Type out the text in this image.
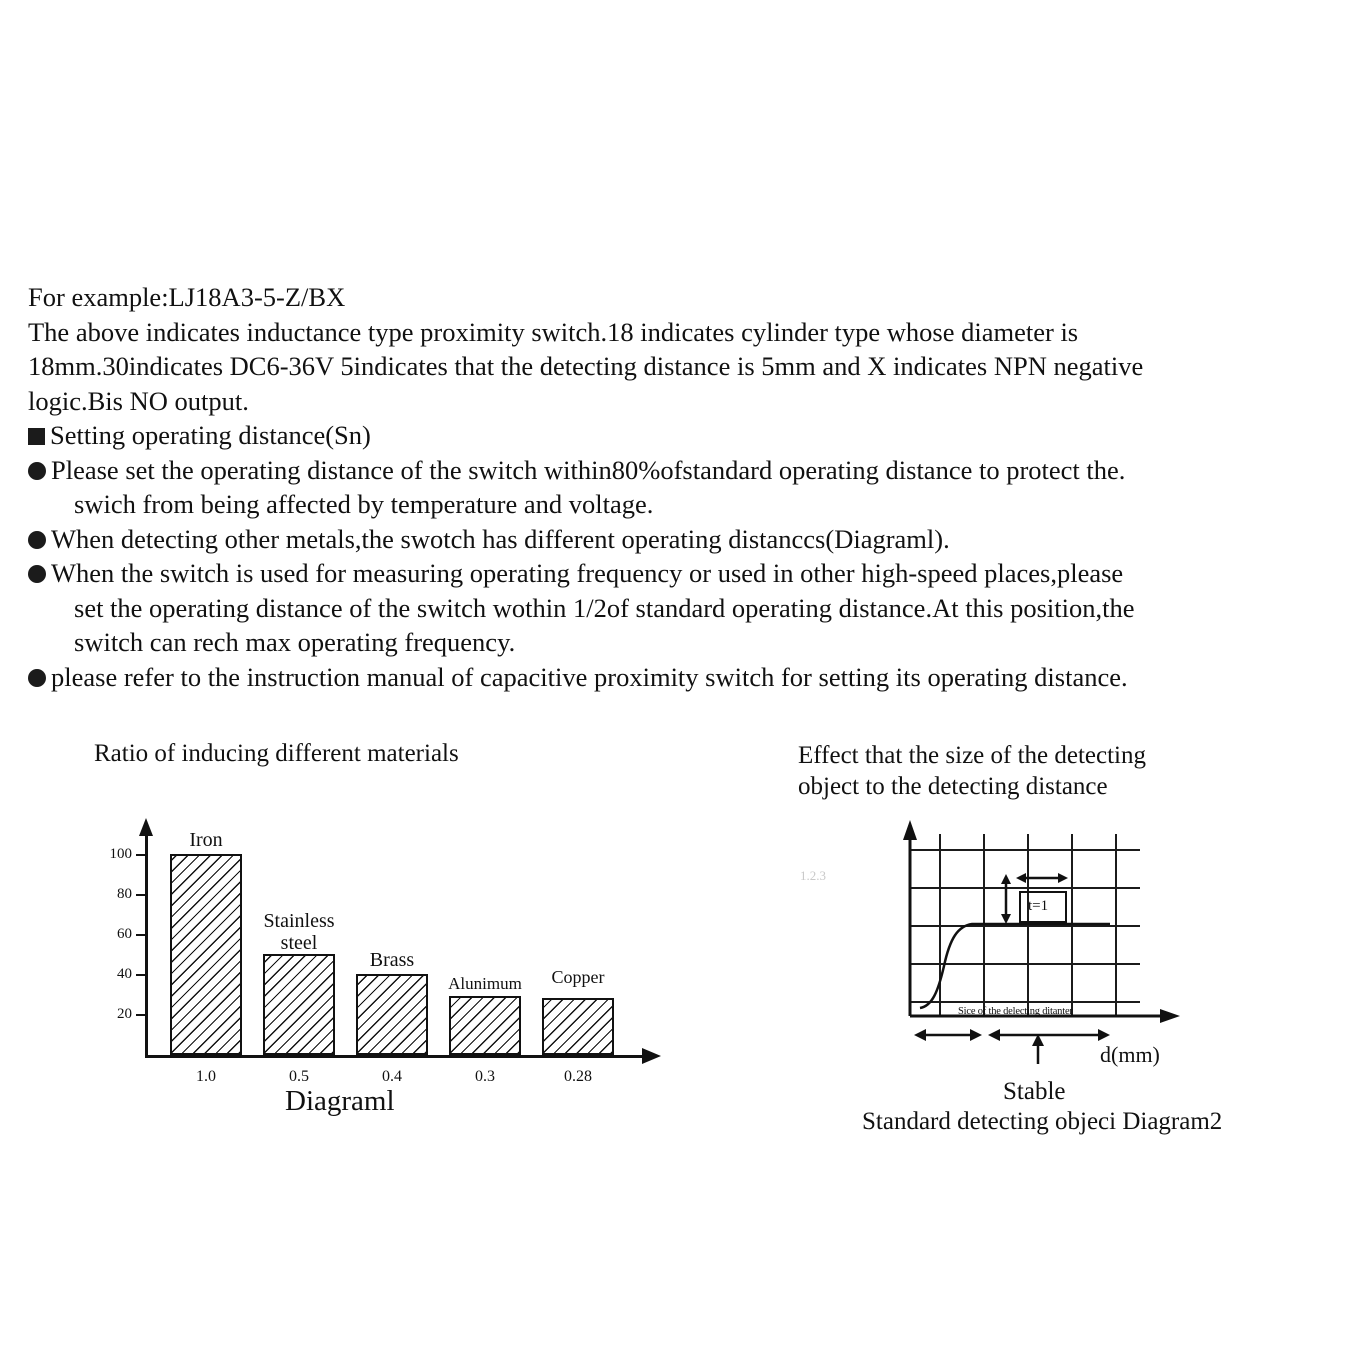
For example:LJ18A3-5-Z/BX
The above indicates inductance type proximity switch.18 indicates cylinder type whose diameter is
18mm.30indicates DC6-36V 5indicates that the detecting distance is 5mm and X indicates NPN negative
logic.Bis NO output.
Setting operating distance(Sn)
Please set the operating distance of the switch within80%ofstandard operating distance to protect the.
swich from being affected by temperature and voltage.
When detecting other metals,the swotch has different operating distanccs(Diagraml).
When the switch is used for measuring operating frequency or used in other high-speed places,please
set the operating distance of the switch wothin 1/2of standard operating distance.At this position,the
switch can rech max operating frequency.
please refer to the instruction manual of capacitive proximity switch for setting its operating distance.
Ratio of inducing different materials	Effect that the size of the detecting
object to the detecting distance
100
80
60
40
20
Iron
Stainless
steel
Brass
Alunimum	Copper
1.0	0.5	0.4	0.3	0.28
Diagraml
t=1
Sice of the delecting ditanter
d(mm)
Stable
Standard detecting objeci Diagram2
1.2.3
